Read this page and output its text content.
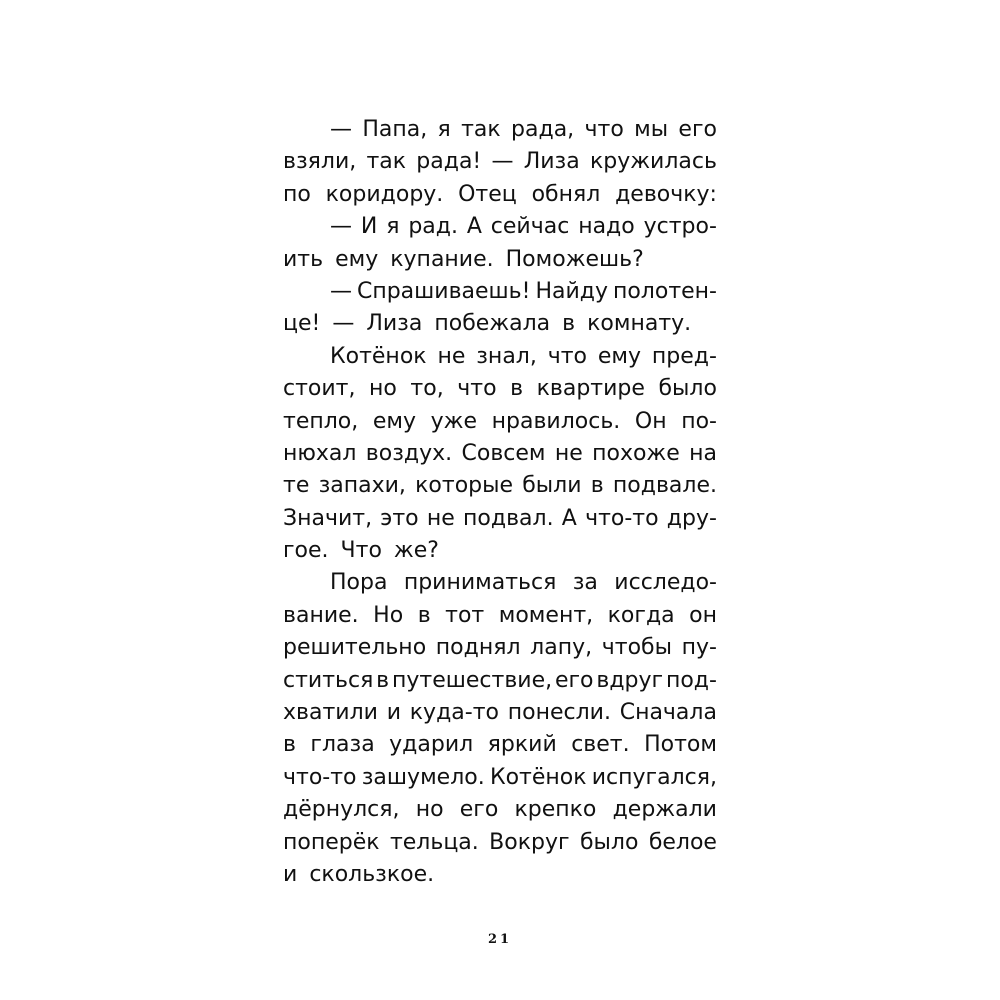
— Папа, я так рада, что мы его
взяли, так рада! — Лиза кружилась
по коридору. Отец обнял девочку:
— И я рад. А сейчас надо устро-
ить ему купание. Поможешь?
— Спрашиваешь! Найду полотен-
це! — Лиза побежала в комнату.
Котёнок не знал, что ему пред-
стоит, но то, что в квартире было
тепло, ему уже нравилось. Он по-
нюхал воздух. Совсем не похоже на
те запахи, которые были в подвале.
Значит, это не подвал. А что-то дру-
гое. Что же?
Пора приниматься за исследо-
вание. Но в тот момент, когда он
решительно поднял лапу, чтобы пу-
ститься в путешествие, его вдруг под-
хватили и куда-то понесли. Сначала
в глаза ударил яркий свет. Потом
что-то зашумело. Котёнок испугался,
дёрнулся, но его крепко держали
поперёк тельца. Вокруг было белое
и скользкое.
21
